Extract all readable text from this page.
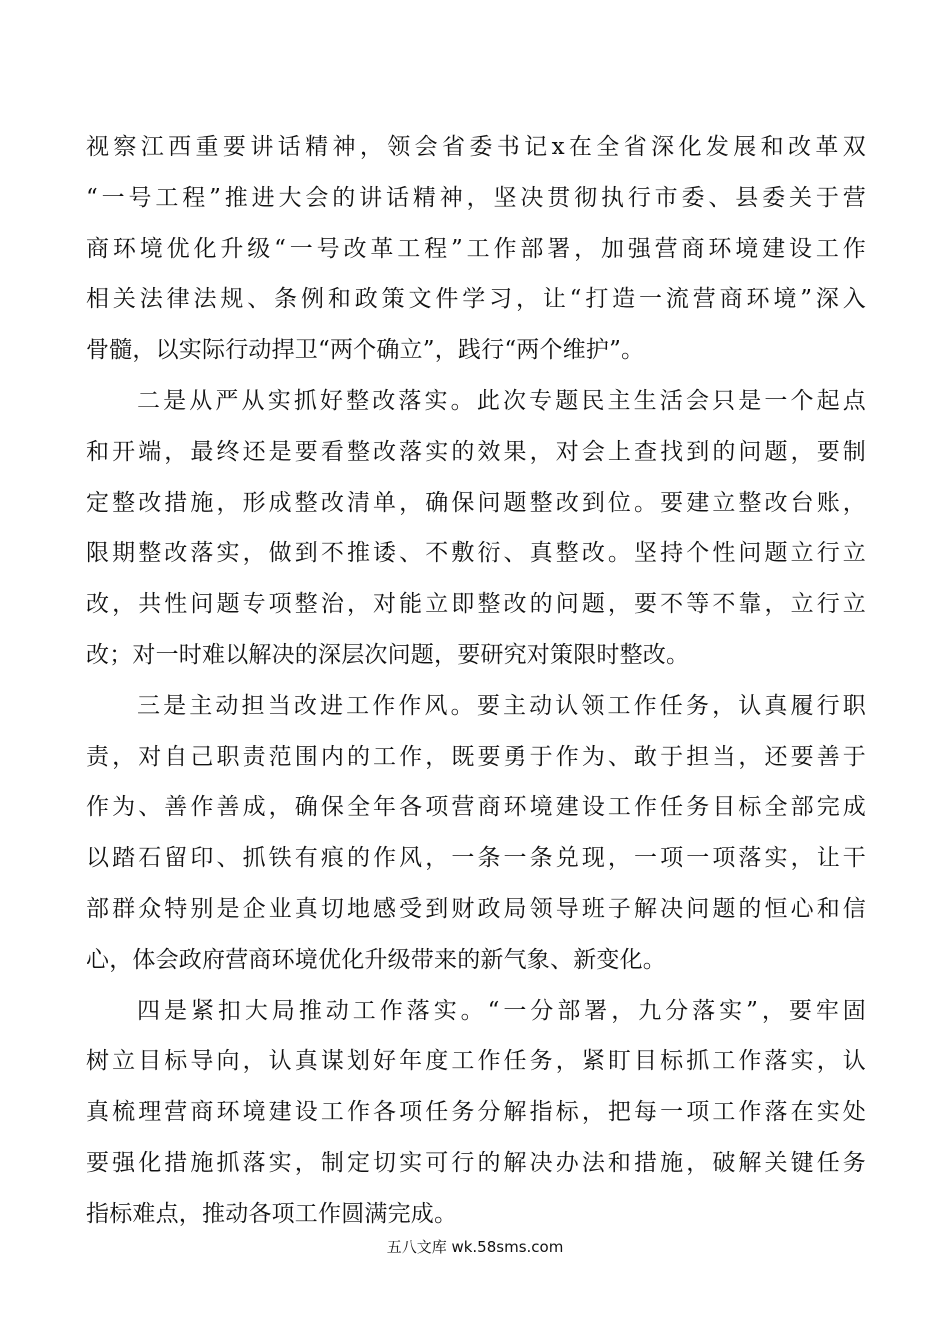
视察江西重要讲话精神，领会省委书记x在全省深化发展和改革双
“一号工程”推进大会的讲话精神，坚决贯彻执行市委、县委关于营
商环境优化升级“一号改革工程”工作部署，加强营商环境建设工作
相关法律法规、条例和政策文件学习，让“打造一流营商环境”深入
骨髓，以实际行动捍卫“两个确立”，践行“两个维护”。
二是从严从实抓好整改落实。此次专题民主生活会只是一个起点
和开端，最终还是要看整改落实的效果，对会上查找到的问题，要制
定整改措施，形成整改清单，确保问题整改到位。要建立整改台账，
限期整改落实，做到不推诿、不敷衍、真整改。坚持个性问题立行立
改，共性问题专项整治，对能立即整改的问题，要不等不靠，立行立
改；对一时难以解决的深层次问题，要研究对策限时整改。
三是主动担当改进工作作风。要主动认领工作任务，认真履行职
责，对自己职责范围内的工作，既要勇于作为、敢于担当，还要善于
作为、善作善成，确保全年各项营商环境建设工作任务目标全部完成
以踏石留印、抓铁有痕的作风，一条一条兑现，一项一项落实，让干
部群众特别是企业真切地感受到财政局领导班子解决问题的恒心和信
心，体会政府营商环境优化升级带来的新气象、新变化。
四是紧扣大局推动工作落实。“一分部署，九分落实”，要牢固
树立目标导向，认真谋划好年度工作任务，紧盯目标抓工作落实，认
真梳理营商环境建设工作各项任务分解指标，把每一项工作落在实处
要强化措施抓落实，制定切实可行的解决办法和措施，破解关键任务
指标难点，推动各项工作圆满完成。
五八文库 wk.58sms.com
